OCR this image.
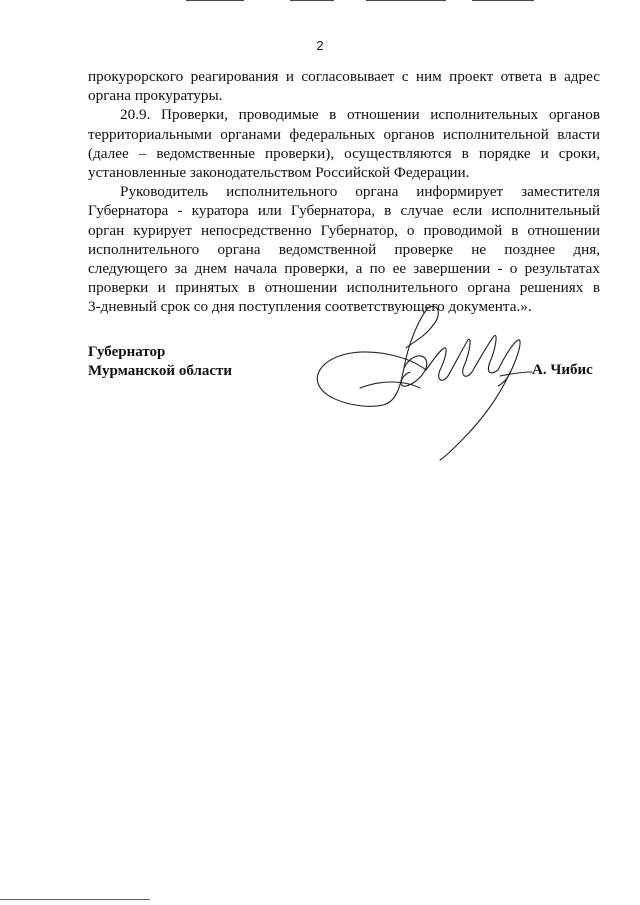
2

прокурорского реагирования и согласовывает с ним проект ответа в адрес
органа прокуратуры.

20.9. Проверки, проводимые в отношении исполнительных органов
территориальными органами федеральных органов исполнительной власти
(далее – ведомственные проверки), осуществляются в порядке и сроки,
установленные законодательством Российской Федерации.

Руководитель исполнительного органа информирует заместителя
Губернатора - куратора или Губернатора, в случае если исполнительный
орган курирует непосредственно Губернатор, о проводимой в отношении
исполнительного органа ведомственной проверке не позднее дня,
следующего за днем начала проверки, а по ее завершении - о результатах
проверки и принятых в отношении исполнительного органа решениях в
3-дневный срок со дня поступления соответствующего документа.».

Губернатор
Мурманской области	А. Чибис
